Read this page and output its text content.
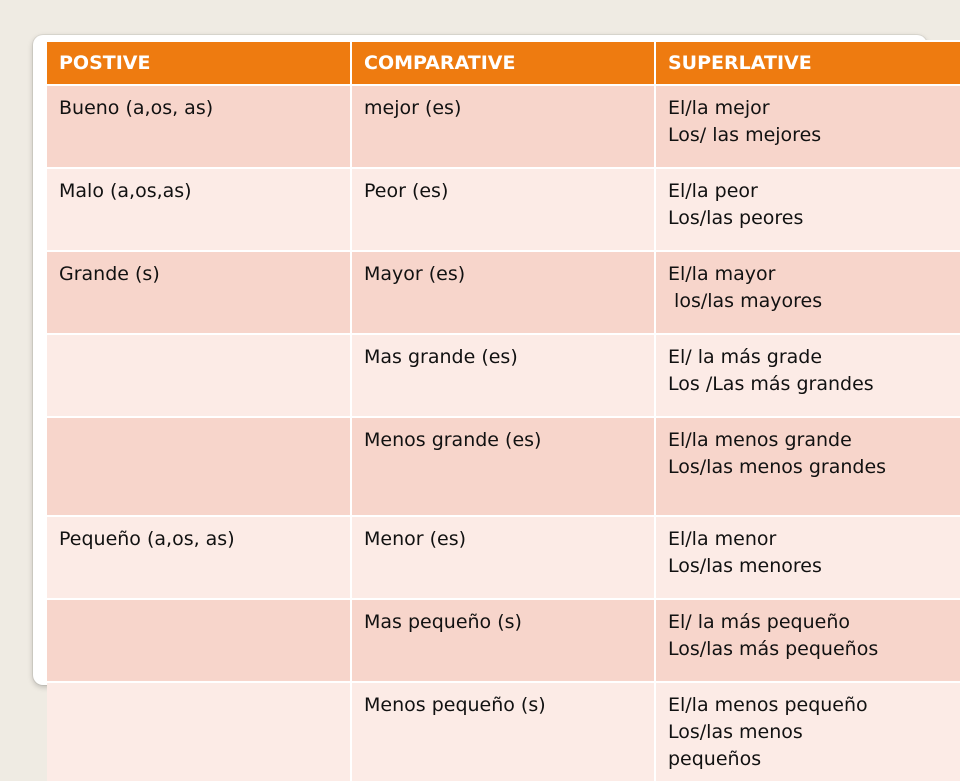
POSTIVE	COMPARATIVE	SUPERLATIVE
Bueno (a,os, as)	mejor (es)	El/la mejor
Los/ las mejores

Malo (a,os,as)	Peor (es)	El/la peor
Los/las peores

Grande (s)	Mayor (es)	El/la mayor
los/las mayores

	Mas grande (es)	El/ la más grade
Los /Las más grandes

	Menos grande (es)	El/la menos grande
Los/las menos grandes

Pequeño (a,os, as)	Menor (es)	El/la menor
Los/las menores

	Mas pequeño (s)	El/ la más pequeño
Los/las más pequeños

	Menos pequeño (s)	El/la menos pequeño
Los/las menos
pequeños
